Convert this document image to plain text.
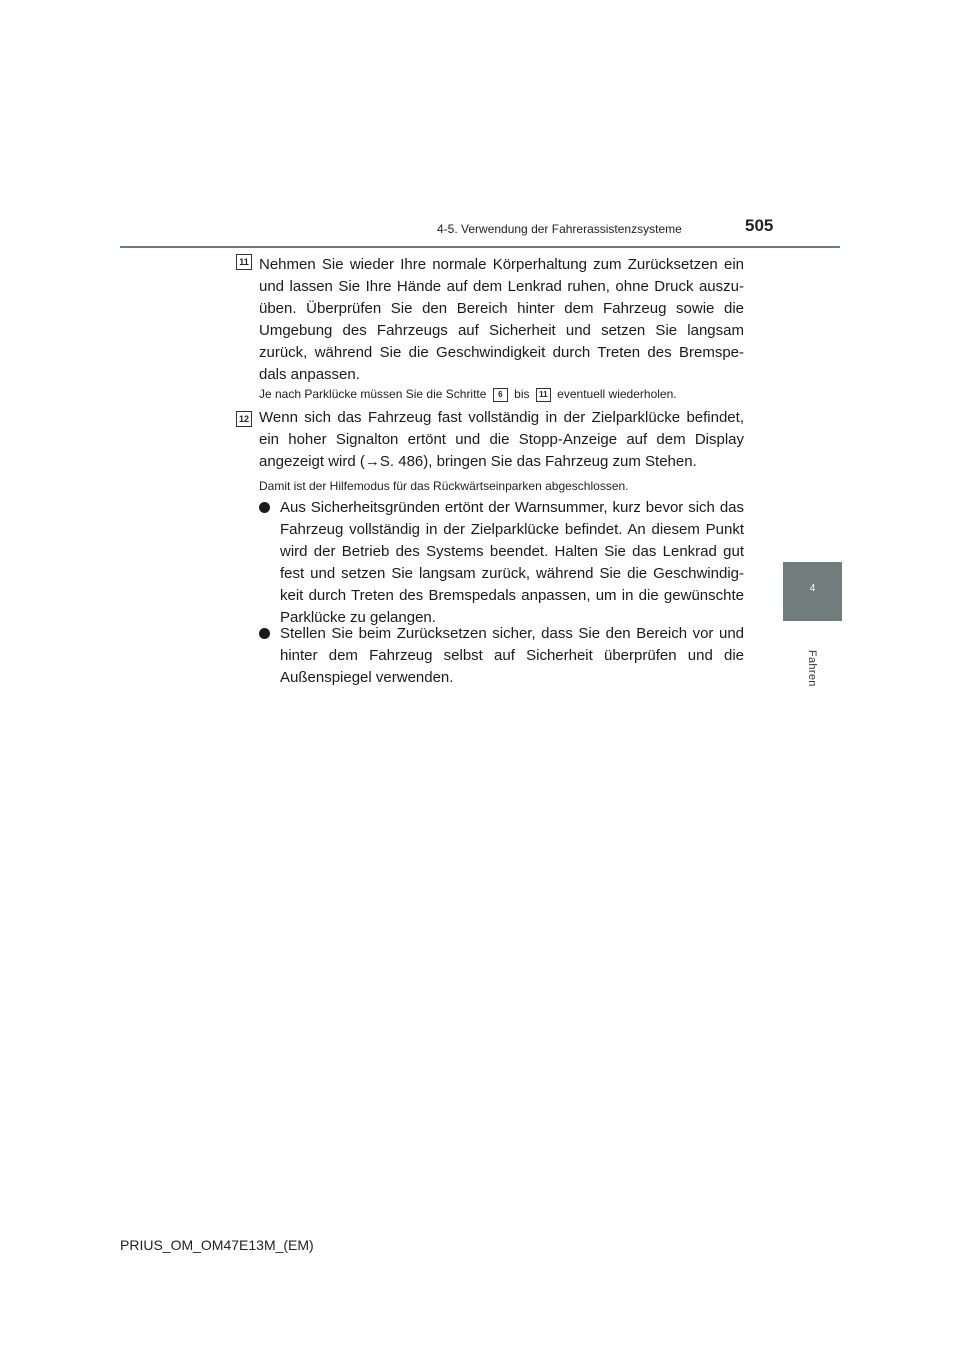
4-5. Verwendung der Fahrerassistenzsysteme	505
4
Fahren
11 Nehmen Sie wieder Ihre normale Körperhaltung zum Zurücksetzen ein und lassen Sie Ihre Hände auf dem Lenkrad ruhen, ohne Druck auszu- üben. Überprüfen Sie den Bereich hinter dem Fahrzeug sowie die Umgebung des Fahrzeugs auf Sicherheit und setzen Sie langsam zurück, während Sie die Geschwindigkeit durch Treten des Bremspe- dals anpassen.
Je nach Parklücke müssen Sie die Schritte 6 bis 11 eventuell wiederholen.
12 Wenn sich das Fahrzeug fast vollständig in der Zielparklücke befindet, ein hoher Signalton ertönt und die Stopp-Anzeige auf dem Display angezeigt wird (→S. 486), bringen Sie das Fahrzeug zum Stehen.
Damit ist der Hilfemodus für das Rückwärtseinparken abgeschlossen.
Aus Sicherheitsgründen ertönt der Warnsummer, kurz bevor sich das Fahrzeug vollständig in der Zielparklücke befindet. An diesem Punkt wird der Betrieb des Systems beendet. Halten Sie das Lenkrad gut fest und setzen Sie langsam zurück, während Sie die Geschwindig- keit durch Treten des Bremspedals anpassen, um in die gewünschte Parklücke zu gelangen.
Stellen Sie beim Zurücksetzen sicher, dass Sie den Bereich vor und hinter dem Fahrzeug selbst auf Sicherheit überprüfen und die Außenspiegel verwenden.
PRIUS_OM_OM47E13M_(EM)
